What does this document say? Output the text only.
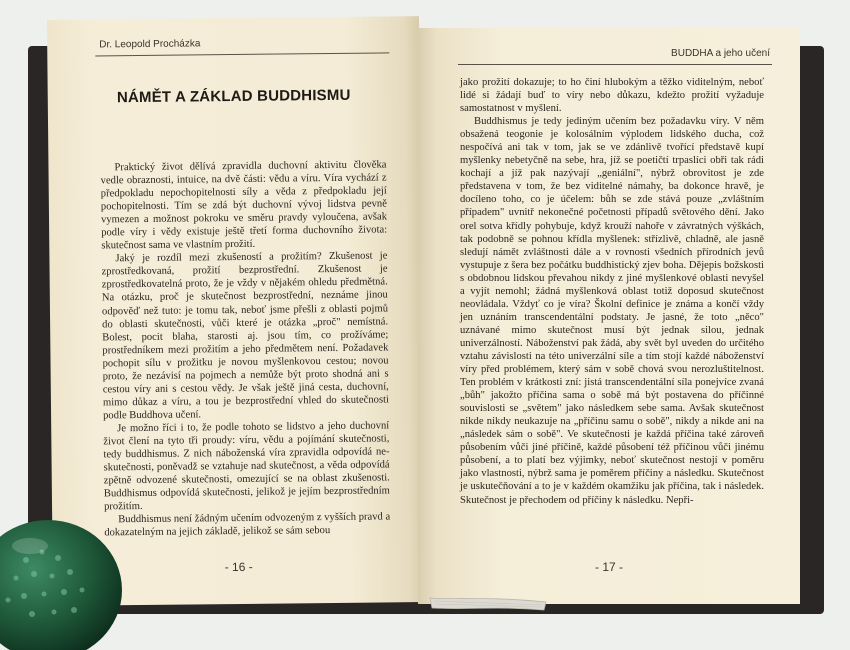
Dr. Leopold Procházka
NÁMĚT A ZÁKLAD BUDDHISMU

Praktický život dělívá zpravidla duchovní aktivitu člověka vedle obraznosti, intuice, na dvě části: vědu a víru. Víra vychází z předpokladu nepochopitelnosti síly a věda z předpokladu její pochopitelnosti. Tím se zdá být duchovní vývoj lidstva pevně vymezen a možnost pokroku ve směru pravdy vyloučena, avšak podle víry i vědy existuje ještě třetí forma duchovního života: skutečnost sama ve vlastním prožití.

Jaký je rozdíl mezi zkušeností a prožitím? Zkušenost je zprostředkovaná, prožití bezprostřední. Zkušenost je zprostředkovatelná proto, že je vždy v nějakém ohledu předmětná. Na otázku, proč je skutečnost bezprostřední, neznáme jinou odpověď než tuto: je tomu tak, neboť jsme přešli z oblasti pojmů do oblasti skutečnosti, vůči které je otázka „proč" nemístná. Bolest, pocit blaha, starosti aj. jsou tím, co prožíváme; prostředníkem mezi prožitím a jeho předmětem není. Požadavek pochopit sílu v prožitku je novou myšlenkovou cestou; novou proto, že nezávisí na pojmech a nemůže být proto shodná ani s cestou víry ani s cestou vědy. Je však ještě jiná cesta, duchovní, mimo důkaz a víru, a tou je bezprostřední vhled do skutečnosti podle Buddhova učení.

Je možno říci i to, že podle tohoto se lidstvo a jeho duchovní život člení na tyto tři proudy: víru, vědu a pojímání skutečnosti, tedy buddhismus. Z nich náboženská víra zpravidla odpovídá ne-skutečnosti, poněvadž se vztahuje nad skutečnost, a věda odpovídá zpětně odvozené skutečnosti, omezující se na oblast zkušenosti. Buddhismus odpovídá skutečnosti, jelikož je jejím bezprostředním prožitím.

Buddhismus není žádným učením odvozeným z vyšších pravd a dokazatelným na jejich základě, jelikož se sám sebou

- 16 -
BUDDHA a jeho učení

jako prožití dokazuje; to ho činí hlubokým a těžko viditelným, neboť lidé si žádají buď to víry nebo důkazu, kdežto prožití vyžaduje samostatnost v myšlení.

Buddhismus je tedy jediným učením bez požadavku víry. V něm obsažená teogonie je kolosálním výplodem lidského ducha, což nespočívá ani tak v tom, jak se ve zdánlivě tvořící představě kupí myšlenky nebetyčně na sebe, hra, jíž se poetičtí trpaslíci obři tak rádi kochají a jíž pak nazývají „geniální", nýbrž obrovitost je zde představena v tom, že bez viditelné námahy, ba dokonce hravě, je docíleno toho, co je účelem: bůh se zde stává pouze „zvláštním případem" uvnitř nekonečné početnosti případů světového dění. Jako orel sotva křídly pohybuje, když krouží nahoře v závratných výškách, tak podobně se pohnou křídla myšlenek: střízlivě, chladně, ale jasně sledují námět zvláštnosti dále a v rovnosti všedních přírodních jevů vystupuje z šera bez počátku buddhistický zjev boha. Dějepis božskosti s obdobnou lidskou převahou nikdy z jiné myšlenkové oblasti nevyšel a vyjít nemohl; žádná myšlenková oblast totiž doposud skutečnost neovládala. Vždyť co je víra? Školní definice je známa a končí vždy jen uznáním transcendentální podstaty. Je jasné, že toto „něco" uznávané mimo skutečnost musí být jednak silou, jednak univerzálností. Náboženství pak žádá, aby svět byl uveden do určitého vztahu závislosti na této univerzální síle a tím stojí každé náboženství víry před problémem, který sám v sobě chová svou nerozluštitelnost. Ten problém v krátkosti zní: jistá transcendentální síla ponejvíce zvaná „bůh" jakožto příčina sama o sobě má být postavena do příčinné souvislosti se „světem" jako následkem sebe sama. Avšak skutečnost nikde nikdy neukazuje na „příčinu samu o sobě", nikdy a nikde ani na „následek sám o sobě". Ve skutečnosti je každá příčina také zároveň působením vůči jiné příčině, každé působení též příčinou vůči jinému působení, a to platí bez výjimky, neboť skutečnost nestojí v poměru jako vlastnosti, nýbrž sama je poměrem příčiny a následku. Skutečnost je uskutečňování a to je v každém okamžiku jak příčina, tak i následek. Skutečnost je přechodem od příčiny k následku. Nepři-

- 17 -
